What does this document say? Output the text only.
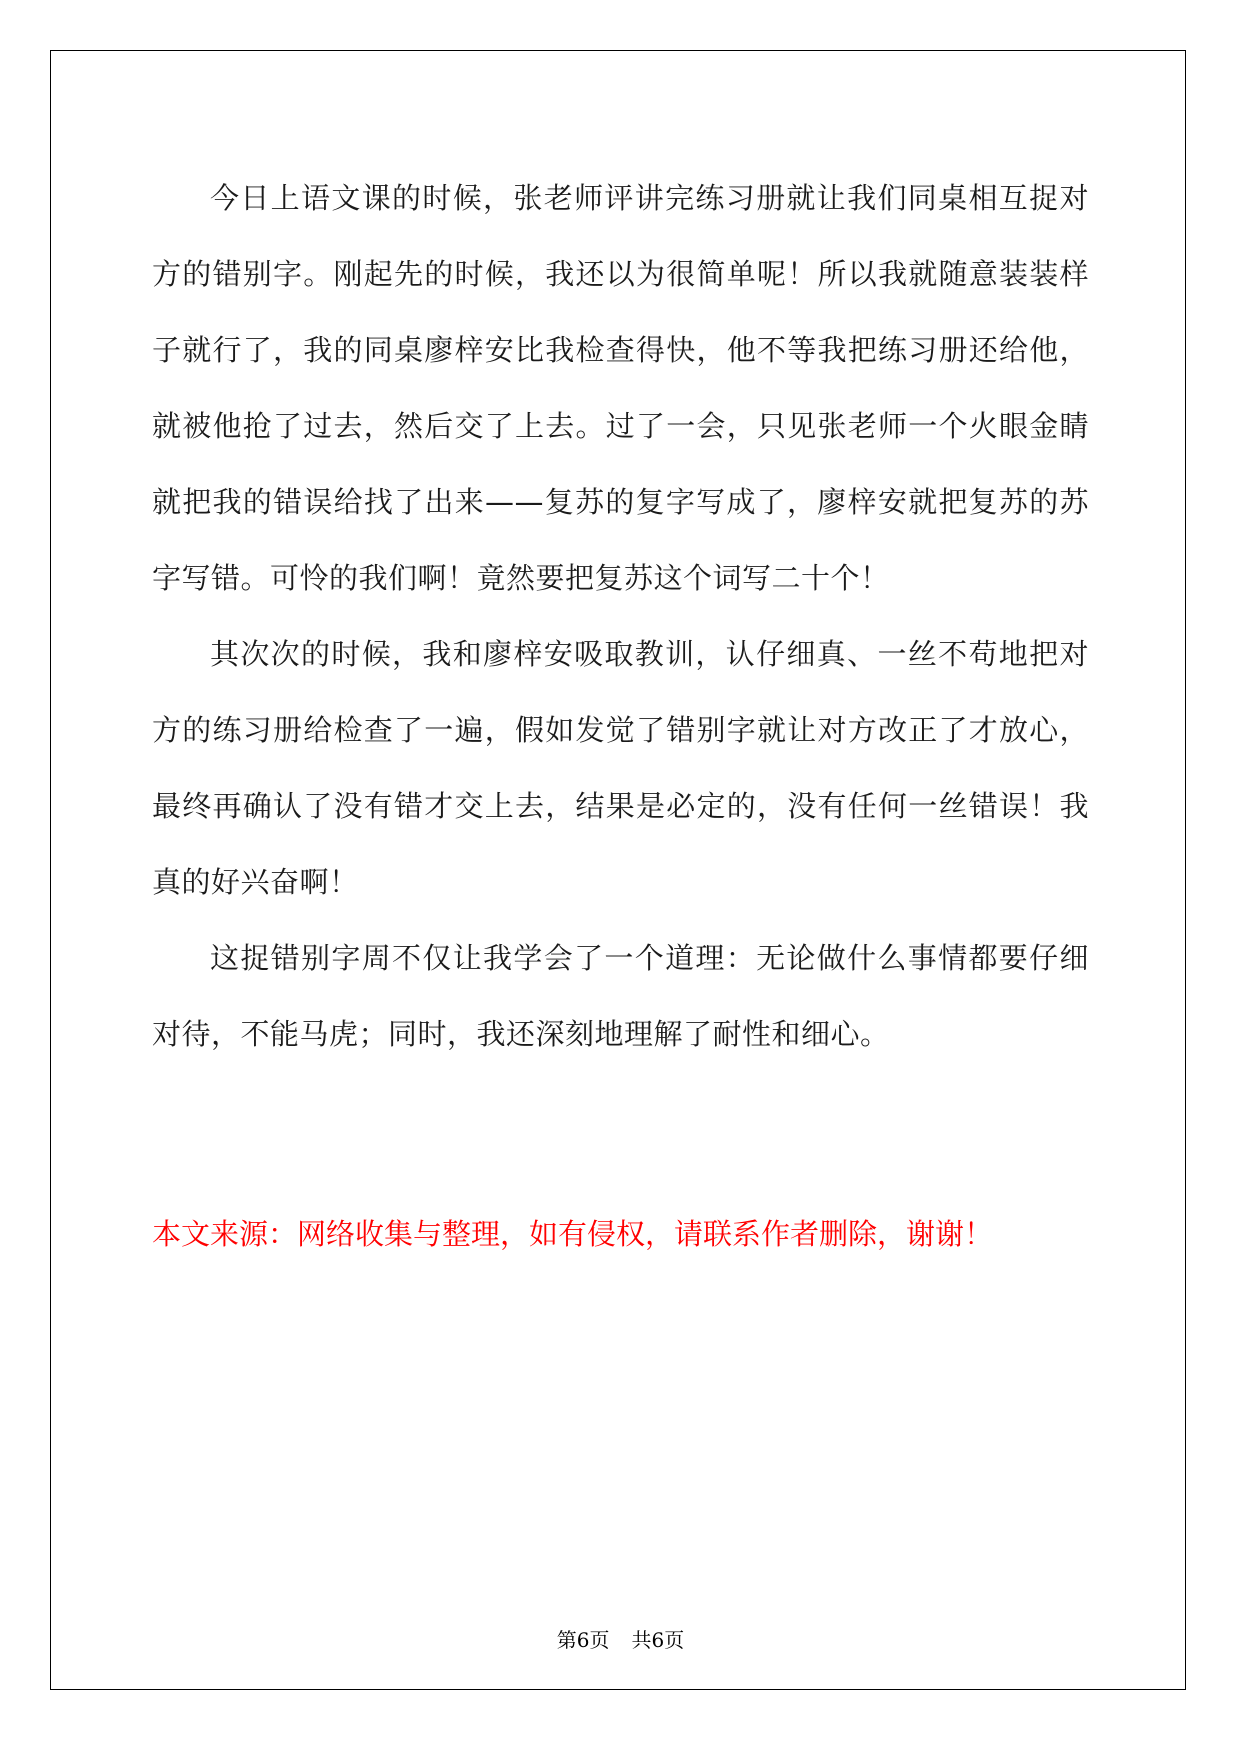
今日上语文课的时候，张老师评讲完练习册就让我们同桌相互捉对方的错别字。刚起先的时候，我还以为很简单呢！所以我就随意装装样子就行了，我的同桌廖梓安比我检查得快，他不等我把练习册还给他，就被他抢了过去，然后交了上去。过了一会，只见张老师一个火眼金睛就把我的错误给找了出来——复苏的复字写成了，廖梓安就把复苏的苏字写错。可怜的我们啊！竟然要把复苏这个词写二十个！

其次次的时候，我和廖梓安吸取教训，认仔细真、一丝不苟地把对方的练习册给检查了一遍，假如发觉了错别字就让对方改正了才放心，最终再确认了没有错才交上去，结果是必定的，没有任何一丝错误！我真的好兴奋啊！

这捉错别字周不仅让我学会了一个道理：无论做什么事情都要仔细对待，不能马虎；同时，我还深刻地理解了耐性和细心。

本文来源：网络收集与整理，如有侵权，请联系作者删除，谢谢！

第6页 共6页
